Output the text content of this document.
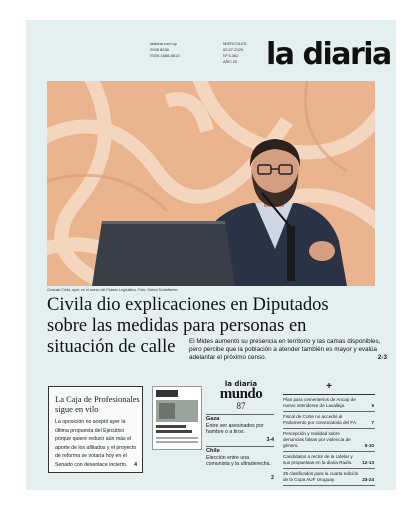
ladiaria.com.uy
2908 8038
ISSN 1688-5813
MIÉRCOLES
02.07.2025
Nº 5.362
AÑO 20 la diaria
Gonzalo Civila, ayer, en el anexo del Palacio Legislativo. Foto: Gianni Schiaffarino
Civila dio explicaciones en Diputados sobre las medidas para personas en situación de calle	El Mides aumentó su presencia en territorio y las camas disponibles, pero percibe que la población a atender también es mayor y evalúa adelantar el próximo censo.	2-3
La Caja de Profesionales sigue en vilo
La oposición no aceptó ayer la última propuesta del Ejecutivo porque quiere reducir aún más el aporte de los afiliados y el proyecto de reforma se votaría hoy en el Senado con desenlace incierto. 4
la diaria
mundo
87
Gaza
Entre ser asesinados por hambre o a tiros.
3-4
Chile
Elección entre una comunista y la ultraderecha.
2
+
Plan para cementerios de Ancap de nuevo intendente de Lavalleja.	5
Fiscal de Corte no accedió al Parlamento por convocatoria del FA.	7
Percepción y realidad sobre denuncias falsas por violencia de género.	8-10
Candidatos a rector de la Udelar y sus propuestas en la diaria Radio. 12-13
25 clasificados para la cuarta edición de la Copa AUF Uruguay.	23-24
